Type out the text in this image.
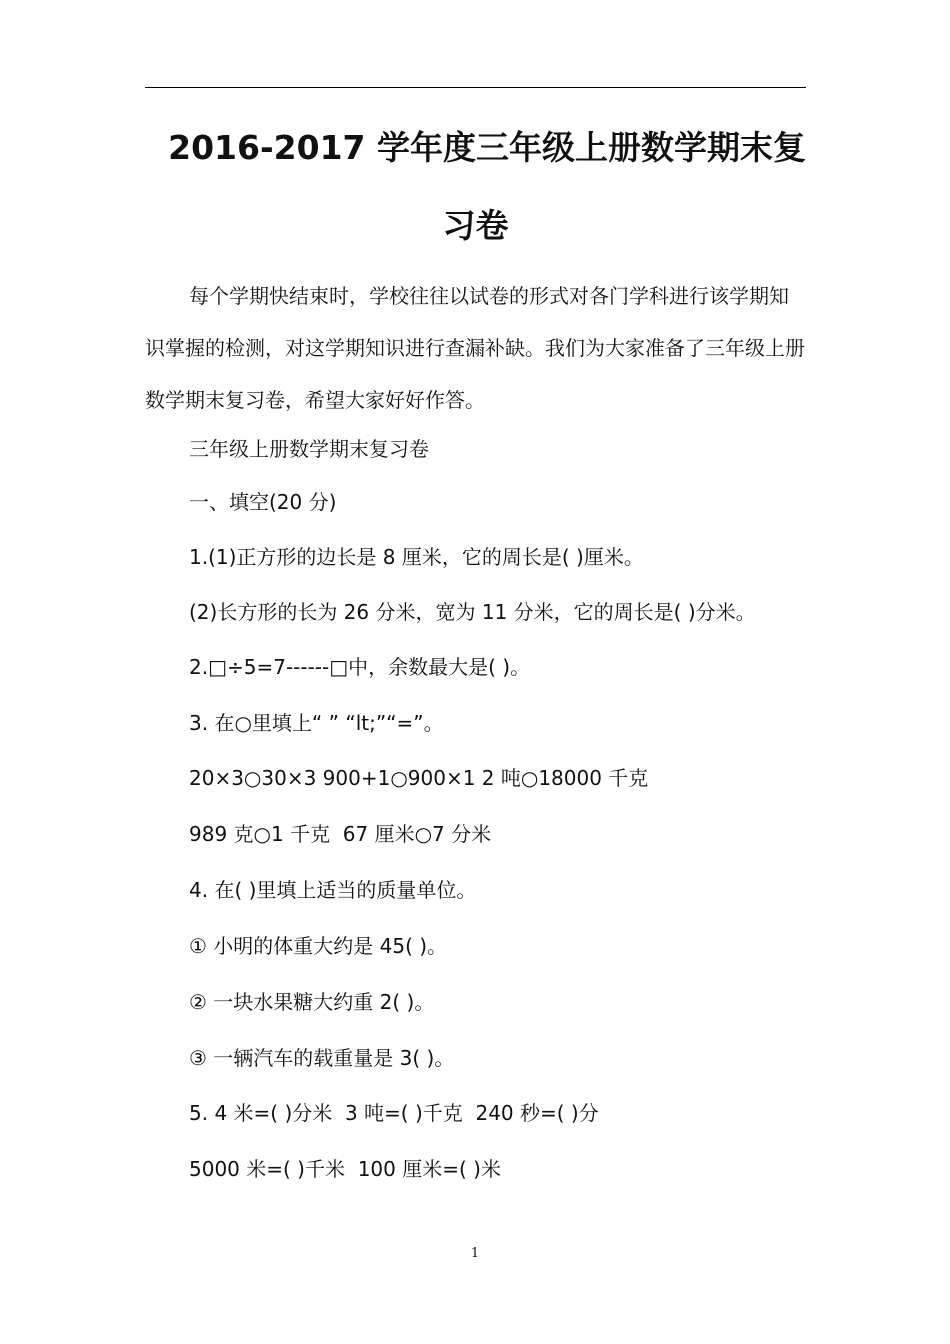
2016-2017 学年度三年级上册数学期末复
习卷

每个学期快结束时，学校往往以试卷的形式对各门学科进行该学期知识掌握的检测，对这学期知识进行查漏补缺。我们为大家准备了三年级上册数学期末复习卷，希望大家好好作答。

三年级上册数学期末复习卷
一、填空(20 分)
1.(1)正方形的边长是 8 厘米，它的周长是( )厘米。
(2)长方形的长为 26 分米，宽为 11 分米，它的周长是( )分米。
2.□÷5=7------□中，余数最大是( )。
3. 在○里填上“ ” “lt;”“=”。
20×3○30×3 900+1○900×1 2 吨○18000 千克
989 克○1 千克  67 厘米○7 分米
4. 在( )里填上适当的质量单位。
① 小明的体重大约是 45( )。
② 一块水果糖大约重 2( )。
③ 一辆汽车的载重量是 3( )。
5. 4 米=( )分米  3 吨=( )千克  240 秒=( )分
5000 米=( )千米  100 厘米=( )米
1
